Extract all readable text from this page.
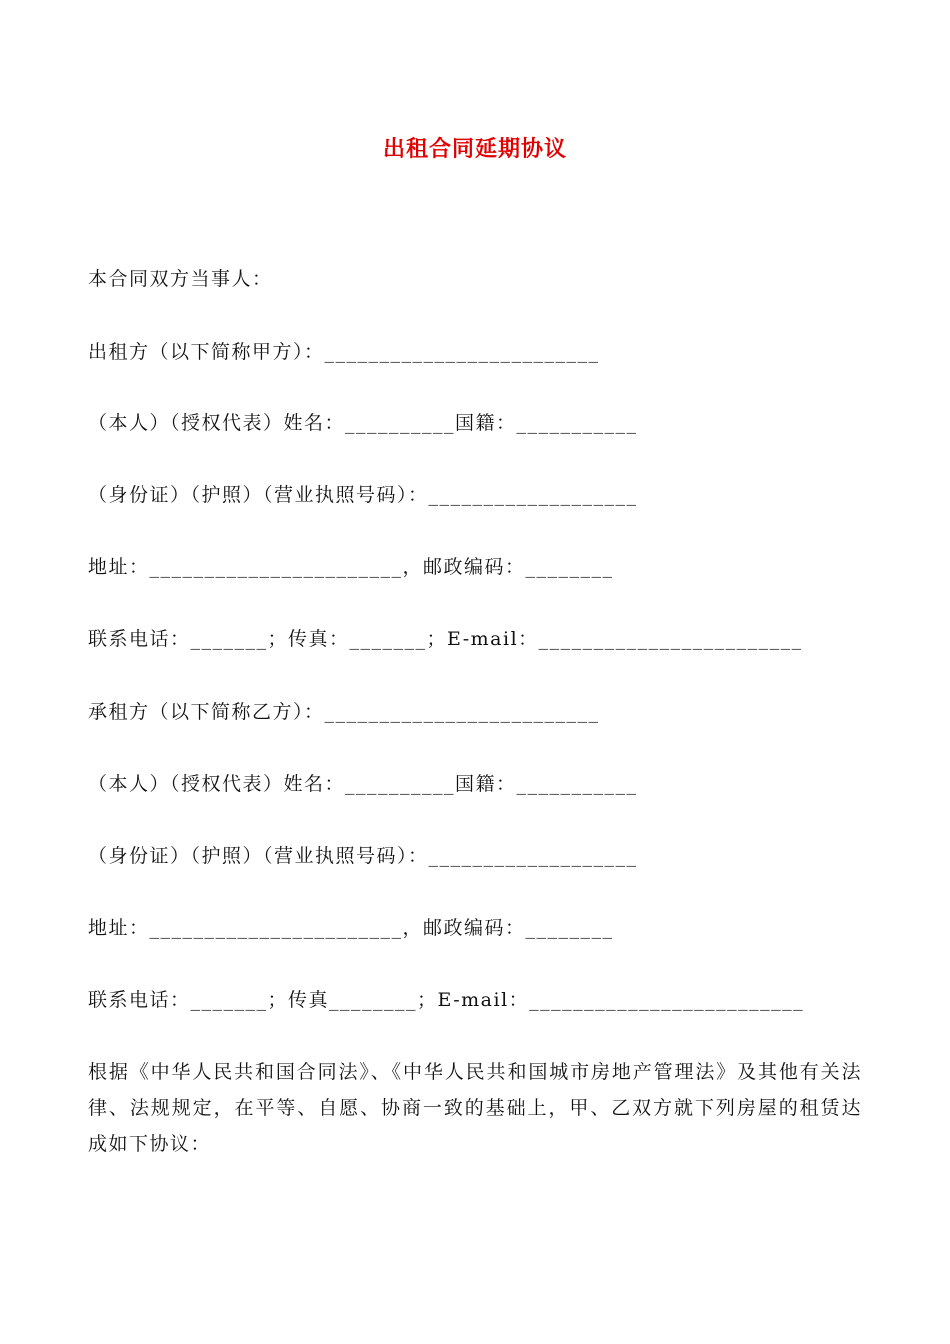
出租合同延期协议
本合同双方当事人：
出租方（以下简称甲方）：_________________________
（本人）（授权代表）姓名：__________国籍：___________
（身份证）（护照）（营业执照号码）：___________________
地址：_______________________，邮政编码：________
联系电话：_______；传真：_______；E-mail：________________________
承租方（以下简称乙方）：_________________________
（本人）（授权代表）姓名：__________国籍：___________
（身份证）（护照）（营业执照号码）：___________________
地址：_______________________，邮政编码：________
联系电话：_______；传真________；E-mail：_________________________
根据《中华人民共和国合同法》、《中华人民共和国城市房地产管理法》及其他有关法律、法规规定，在平等、自愿、协商一致的基础上，甲、乙双方就下列房屋的租赁达成如下协议：
